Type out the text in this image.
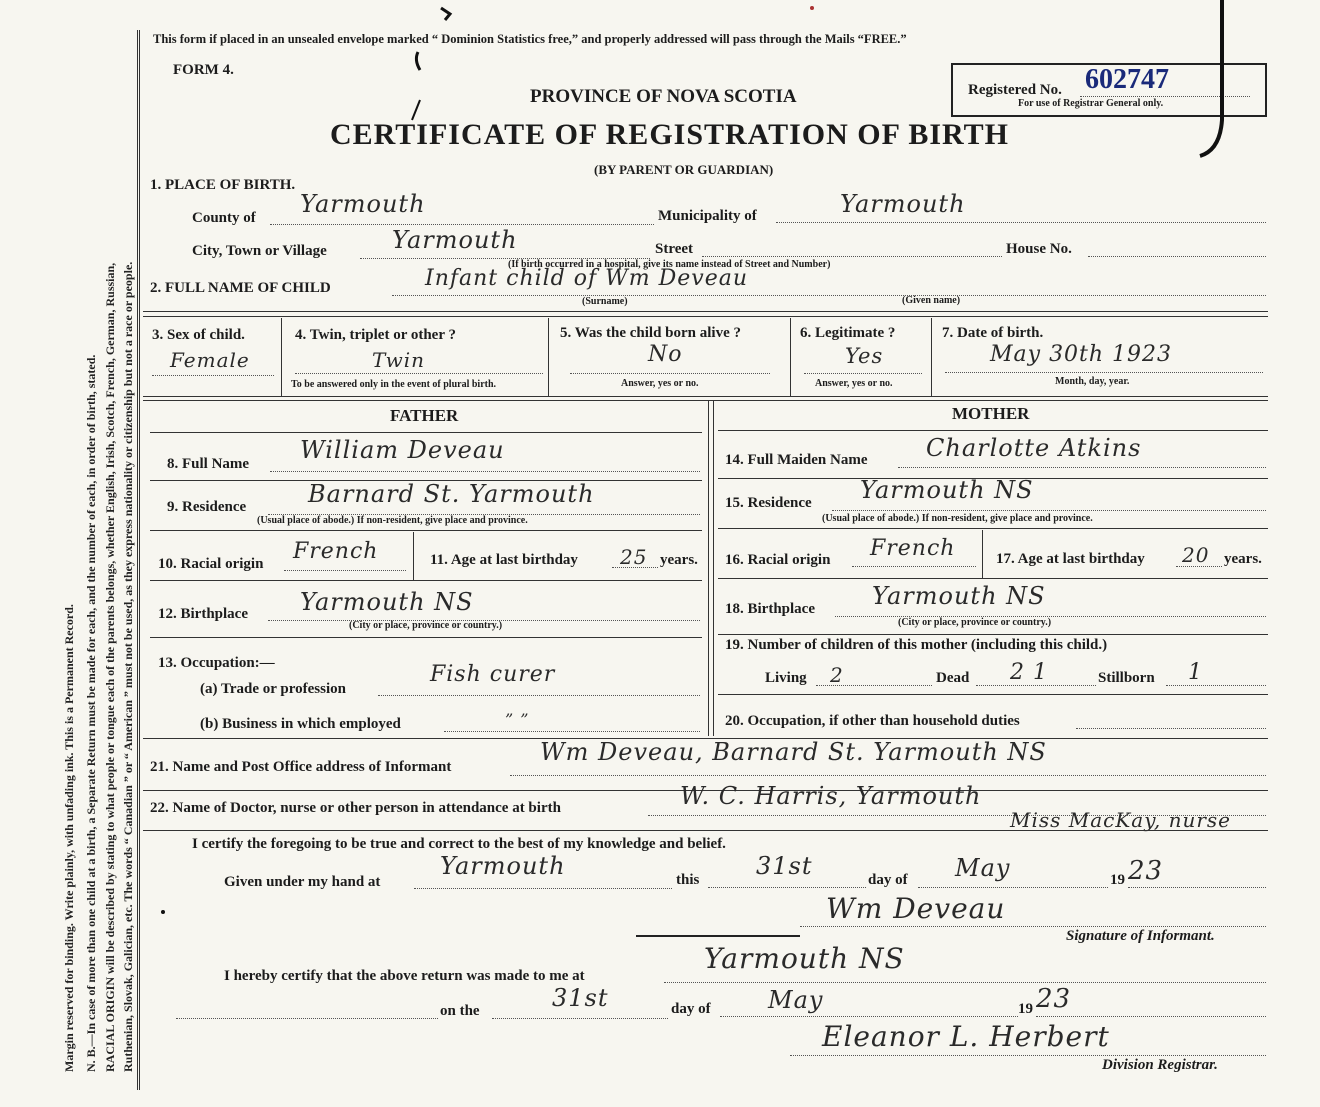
Margin reserved for binding. Write plainly, with unfading ink. This is a Permanent Record. N. B.—In case of more than one child at a birth, a Separate Return must be made for each, and the number of each, in order of birth, stated. RACIAL ORIGIN will be described by stating to what people or tongue each of the parents belongs, whether English, Irish, Scotch, French, German, Russian, Ruthenian, Slovak, Galician, etc. The words “ Canadian ” or “ American ” must not be used, as they express nationality or citizenship but not a race or people.
This form if placed in an unsealed envelope marked “ Dominion Statistics free,” and properly addressed will pass through the Mails “FREE.”
FORM 4.
PROVINCE OF NOVA SCOTIA
CERTIFICATE OF REGISTRATION OF BIRTH
(BY PARENT OR GUARDIAN)
Registered No. 602747
For use of Registrar General only.
1. PLACE OF BIRTH.
County of Yarmouth	Municipality of	Yarmouth
City, Town or Village	Yarmouth	Street	House No.
(If birth occurred in a hospital, give its name instead of Street and Number)
2. FULL NAME OF CHILD	Infant child of Wm Deveau
(Surname)	(Given name)
3. Sex of child.
Female
4. Twin, triplet or other ?
Twin
To be answered only in the event of plural birth.
5. Was the child born alive ?
No
Answer, yes or no.
6. Legitimate ?
Yes
Answer, yes or no.
7. Date of birth.
May 30th 1923
Month, day, year.
FATHER
8. Full Name William Deveau
9. Residence	Barnard St. Yarmouth
(Usual place of abode.) If non-resident, give place and province.
10. Racial origin French	11. Age at last birthday 25 years.
12. Birthplace Yarmouth NS
(City or place, province or country.)
13. Occupation:—
(a) Trade or profession
Fish curer
(b) Business in which employed	” ”
MOTHER
14. Full Maiden Name Charlotte Atkins
15. Residence Yarmouth NS
(Usual place of abode.) If non-resident, give place and province.
16. Racial origin French	17. Age at last birthday 20 years.
18. Birthplace Yarmouth NS
(City or place, province or country.)
19. Number of children of this mother (including this child.)
Living 2	Dead 2 1	Stillborn 1
20. Occupation, if other than household duties
21. Name and Post Office address of Informant
Wm Deveau, Barnard St. Yarmouth NS
22. Name of Doctor, nurse or other person in attendance at birth	W. C. Harris, Yarmouth
Miss MacKay, nurse
I certify the foregoing to be true and correct to the best of my knowledge and belief.
Given under my hand at
Yarmouth	this 31st	day of May	19 23
Wm Deveau
Signature of Informant.
I hereby certify that the above return was made to me at
Yarmouth NS
on the	31st	day of May	19 23
Eleanor L. Herbert
Division Registrar.
